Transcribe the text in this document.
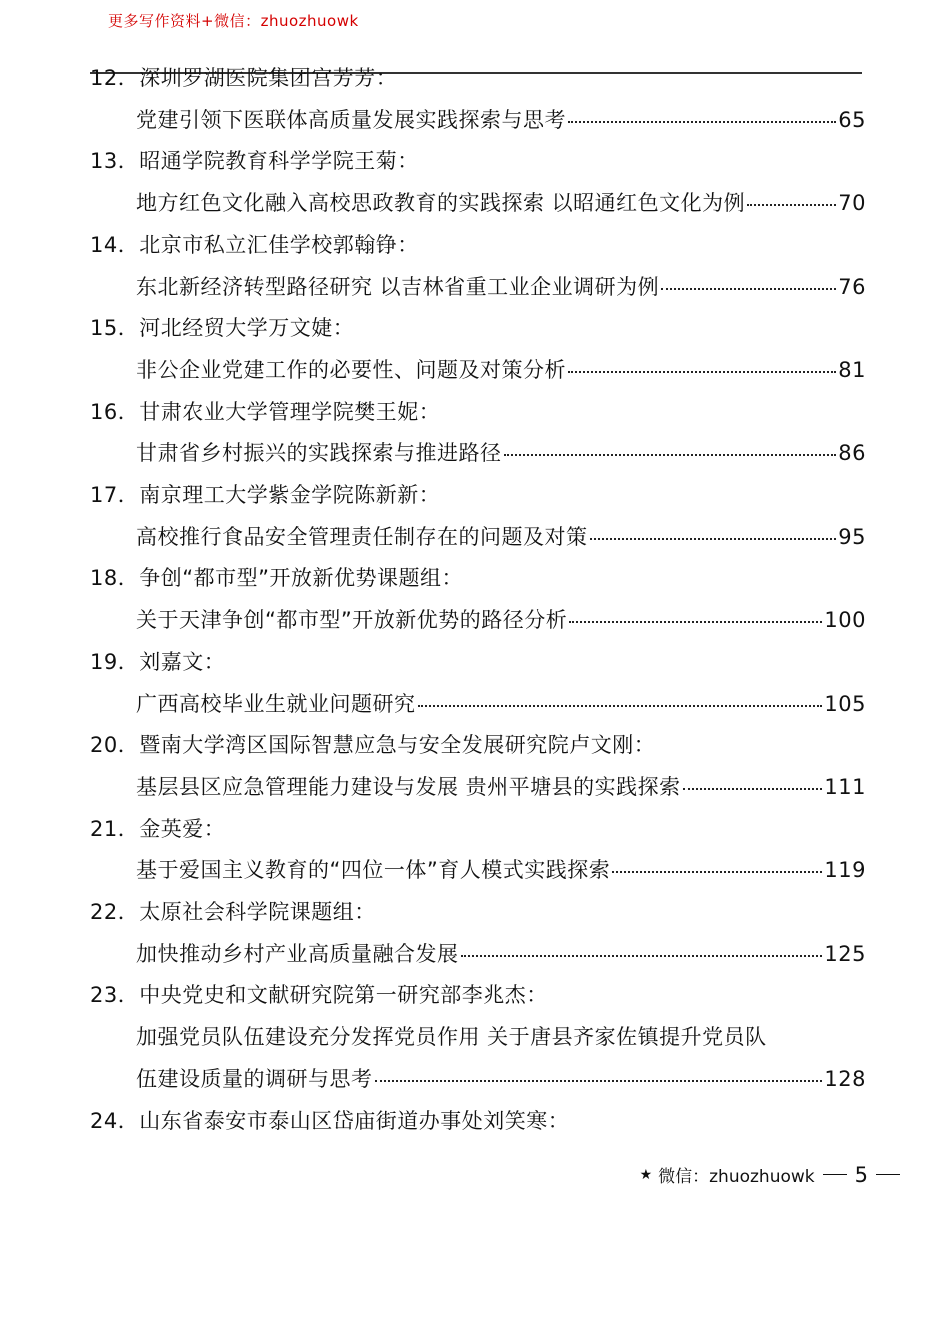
更多写作资料+微信：zhuozhuowk
12．深圳罗湖医院集团宫芳芳：
党建引领下医联体高质量发展实践探索与思考	65
13．昭通学院教育科学学院王菊：
地方红色文化融入高校思政教育的实践探索 以昭通红色文化为例	70
14．北京市私立汇佳学校郭翰铮：
东北新经济转型路径研究 以吉林省重工业企业调研为例	76
15．河北经贸大学万文婕：
非公企业党建工作的必要性、问题及对策分析	81
16．甘肃农业大学管理学院樊王妮：
甘肃省乡村振兴的实践探索与推进路径	86
17．南京理工大学紫金学院陈新新：
高校推行食品安全管理责任制存在的问题及对策	95
18．争创“都市型”开放新优势课题组：
关于天津争创“都市型”开放新优势的路径分析	100
19．刘嘉文：
广西高校毕业生就业问题研究	105
20．暨南大学湾区国际智慧应急与安全发展研究院卢文刚：
基层县区应急管理能力建设与发展 贵州平塘县的实践探索	111
21．金英爱：
基于爱国主义教育的“四位一体”育人模式实践探索	119
22．太原社会科学院课题组：
加快推动乡村产业高质量融合发展	125
23．中央党史和文献研究院第一研究部李兆杰：
加强党员队伍建设充分发挥党员作用 关于唐县齐家佐镇提升党员队
伍建设质量的调研与思考	128
24．山东省泰安市泰山区岱庙街道办事处刘笑寒：
★ 微信：zhuozhuowk 5
